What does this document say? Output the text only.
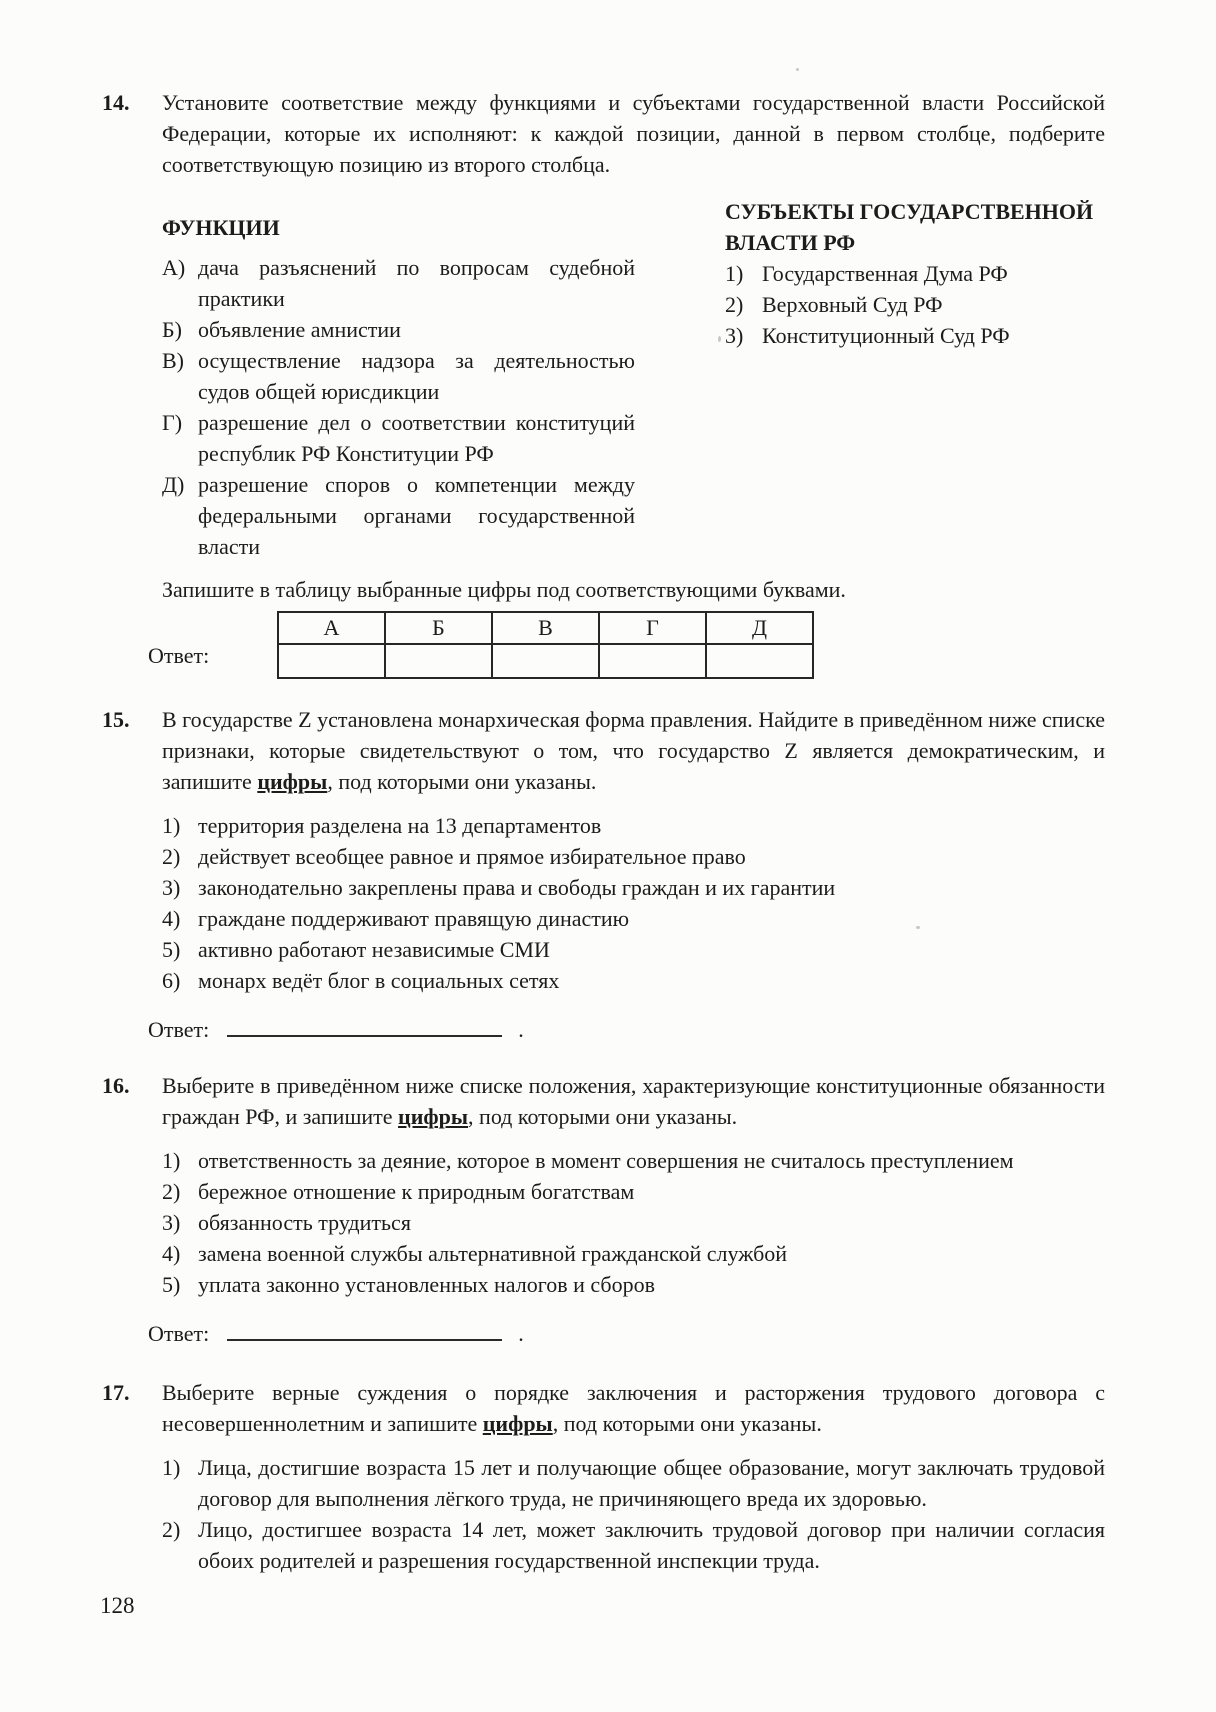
14.	Установите соответствие между функциями и субъектами государственной власти Российской Федерации, которые их исполняют: к каждой позиции, данной в первом столбце, подберите соответствующую позицию из второго столбца.

ФУНКЦИИ

А) дача разъяснений по вопросам судебной практики
Б) объявление амнистии
В) осуществление надзора за деятельностью судов общей юрисдикции
Г) разрешение дел о соответствии конституций республик РФ Конституции РФ
Д) разрешение споров о компетенции между федеральными органами государственной власти

СУБЪЕКТЫ ГОСУДАРСТВЕННОЙ ВЛАСТИ РФ

1) Государственная Дума РФ
2) Верховный Суд РФ
3) Конституционный Суд РФ

Запишите в таблицу выбранные цифры под соответствующими буквами.

Ответ:
А	Б	В	Г	Д

15.	В государстве Z установлена монархическая форма правления. Найдите в приведённом ниже списке признаки, которые свидетельствуют о том, что государство Z является демократическим, и запишите цифры, под которыми они указаны.

1) территория разделена на 13 департаментов
2) действует всеобщее равное и прямое избирательное право
3) законодательно закреплены права и свободы граждан и их гарантии
4) граждане поддерживают правящую династию
5) активно работают независимые СМИ
6) монарх ведёт блог в социальных сетях
Ответ:	.
16.	Выберите в приведённом ниже списке положения, характеризующие конституционные обязанности граждан РФ, и запишите цифры, под которыми они указаны.

1) ответственность за деяние, которое в момент совершения не считалось преступлением
2) бережное отношение к природным богатствам
3) обязанность трудиться
4) замена военной службы альтернативной гражданской службой
5) уплата законно установленных налогов и сборов
Ответ:	.
17.	Выберите верные суждения о порядке заключения и расторжения трудового договора с несовершеннолетним и запишите цифры, под которыми они указаны.

1) Лица, достигшие возраста 15 лет и получающие общее образование, могут заключать трудовой договор для выполнения лёгкого труда, не причиняющего вреда их здоровью.
2) Лицо, достигшее возраста 14 лет, может заключить трудовой договор при наличии согласия обоих родителей и разрешения государственной инспекции труда.
128
